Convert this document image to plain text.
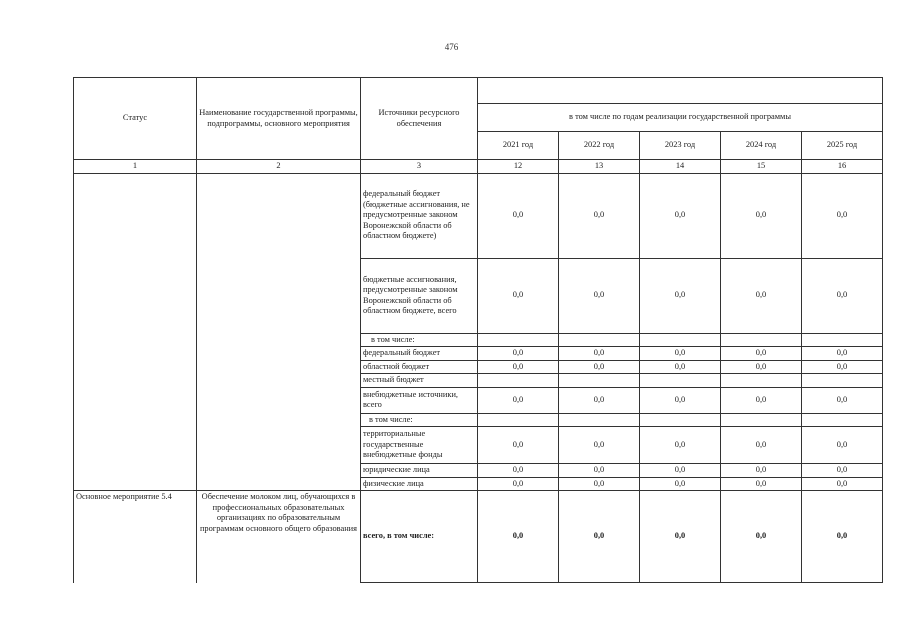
476
Статус	Наименование государственной программы, подпрограммы, основного мероприятия	Источники ресурсного обеспечения					
			в том числе по годам реализации государственной программы				
			2021 год	2022 год	2023 год	2024 год	2025 год
1	2	3	12	13	14	15	16
		федеральный бюджет (бюджетные ассигнования, не предусмотренные законом Воронежской области об областном бюджете)	0,0	0,0	0,0	0,0	0,0
		бюджетные ассигнования, предусмотренные законом Воронежской области об областном бюджете, всего	0,0	0,0	0,0	0,0	0,0
		в том числе:					
		федеральный бюджет	0,0	0,0	0,0	0,0	0,0
		областной бюджет	0,0	0,0	0,0	0,0	0,0
		местный бюджет					
		внебюджетные источники, всего	0,0	0,0	0,0	0,0	0,0
		в том числе:					
		территориальные государственные внебюджетные фонды	0,0	0,0	0,0	0,0	0,0
		юридические лица	0,0	0,0	0,0	0,0	0,0
		физические лица	0,0	0,0	0,0	0,0	0,0
Основное мероприятие 5.4	Обеспечение молоком лиц, обучающихся в профессиональных образовательных организациях по образовательным программам основного общего образования	всего, в том числе:	0,0	0,0	0,0	0,0	0,0
